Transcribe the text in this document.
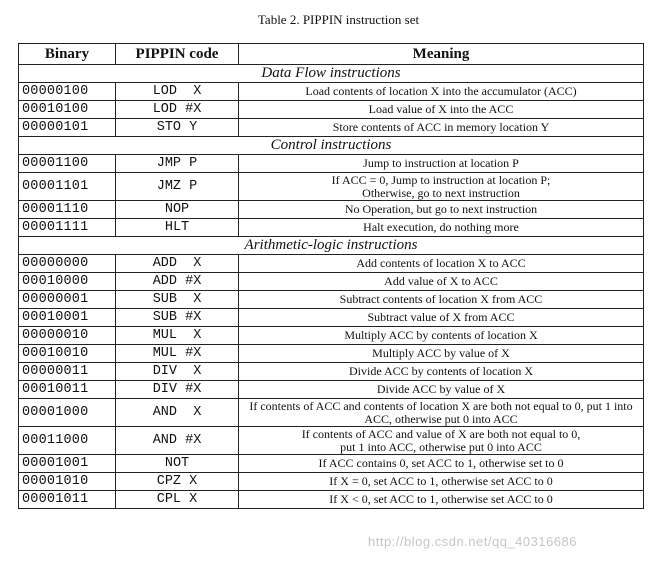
Table 2. PIPPIN instruction set
Binary	PIPPIN code	Meaning
Data Flow instructions		
00000100	LOD  X	Load contents of location X into the accumulator (ACC)
00010100	LOD #X	Load value of X into the ACC
00000101	STO Y	Store contents of ACC in memory location Y
Control instructions		
00001100	JMP P	Jump to instruction at location P
00001101	JMZ P	If ACC = 0, Jump to instruction at location P;
Otherwise, go to next instruction
00001110	NOP	No Operation, but go to next instruction
00001111	HLT	Halt execution, do nothing more
Arithmetic-logic instructions		
00000000	ADD  X	Add contents of location X to ACC
00010000	ADD #X	Add value of X to ACC
00000001	SUB  X	Subtract contents of location X from ACC
00010001	SUB #X	Subtract value of X from ACC
00000010	MUL  X	Multiply ACC by contents of location X
00010010	MUL #X	Multiply ACC by value of X
00000011	DIV  X	Divide ACC by contents of location X
00010011	DIV #X	Divide ACC by value of X
00001000	AND  X	If contents of ACC and contents of location X are both not equal to 0, put 1 into ACC, otherwise put 0 into ACC
00011000	AND #X	If contents of ACC and value of X are both not equal to 0,
put 1 into ACC, otherwise put 0 into ACC
00001001	NOT	If ACC contains 0, set ACC to 1, otherwise set to 0
00001010	CPZ X	If X = 0, set ACC to 1, otherwise set ACC to 0
00001011	CPL X	If X < 0, set ACC to 1, otherwise set ACC to 0
http://blog.csdn.net/qq_40316686
